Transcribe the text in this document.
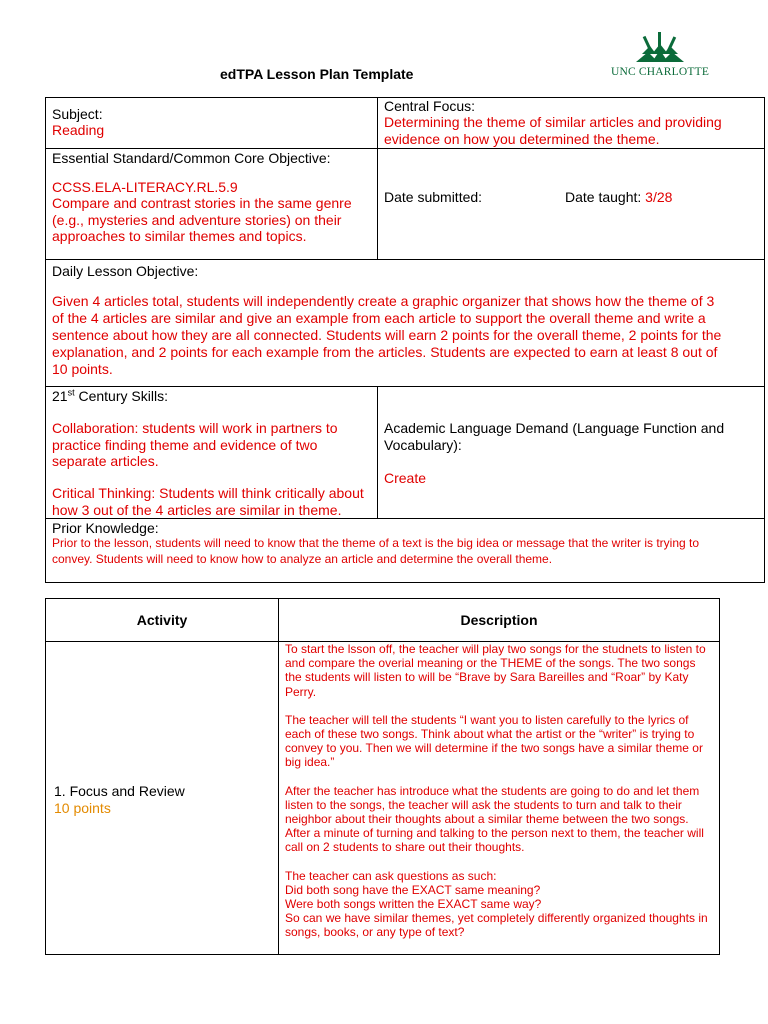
edTPA Lesson Plan Template	UNC CHARLOTTE
Subject:
Reading
Central Focus:
Determining the theme of similar articles and providing evidence on how you determined the theme.
Essential Standard/Common Core Objective:
CCSS.ELA-LITERACY.RL.5.9
Compare and contrast stories in the same genre (e.g., mysteries and adventure stories) on their approaches to similar themes and topics.
Date submitted:	Date taught: 3/28
Daily Lesson Objective:
Given 4 articles total, students will independently create a graphic organizer that shows how the theme of 3 of the 4 articles are similar and give an example from each article to support the overall theme and write a sentence about how they are all connected. Students will earn 2 points for the overall theme, 2 points for the explanation, and 2 points for each example from the articles. Students are expected to earn at least 8 out of 10 points.
21st Century Skills:
Collaboration: students will work in partners to practice finding theme and evidence of two separate articles.
Critical Thinking: Students will think critically about how 3 out of the 4 articles are similar in theme.
Academic Language Demand (Language Function and Vocabulary):
Create
Prior Knowledge:
Prior to the lesson, students will need to know that the theme of a text is the big idea or message that the writer is trying to convey. Students will need to know how to analyze an article and determine the overall theme.
Activity	Description
1. Focus and Review
10 points

To start the lsson off, the teacher will play two songs for the studnets to listen to and compare the overial meaning or the THEME of the songs. The two songs the students will listen to will be “Brave by Sara Bareilles and “Roar” by Katy Perry.

The teacher will tell the students “I want you to listen carefully to the lyrics of each of these two songs. Think about what the artist or the “writer” is trying to convey to you. Then we will determine if the two songs have a similar theme or big idea.”

After the teacher has introduce what the students are going to do and let them listen to the songs, the teacher will ask the students to turn and talk to their neighbor about their thoughts about a similar theme between the two songs. After a minute of turning and talking to the person next to them, the teacher will call on 2 students to share out their thoughts.

The teacher can ask questions as such:
Did both song have the EXACT same meaning?
Were both songs written the EXACT same way?
So can we have similar themes, yet completely differently organized thoughts in songs, books, or any type of text?
